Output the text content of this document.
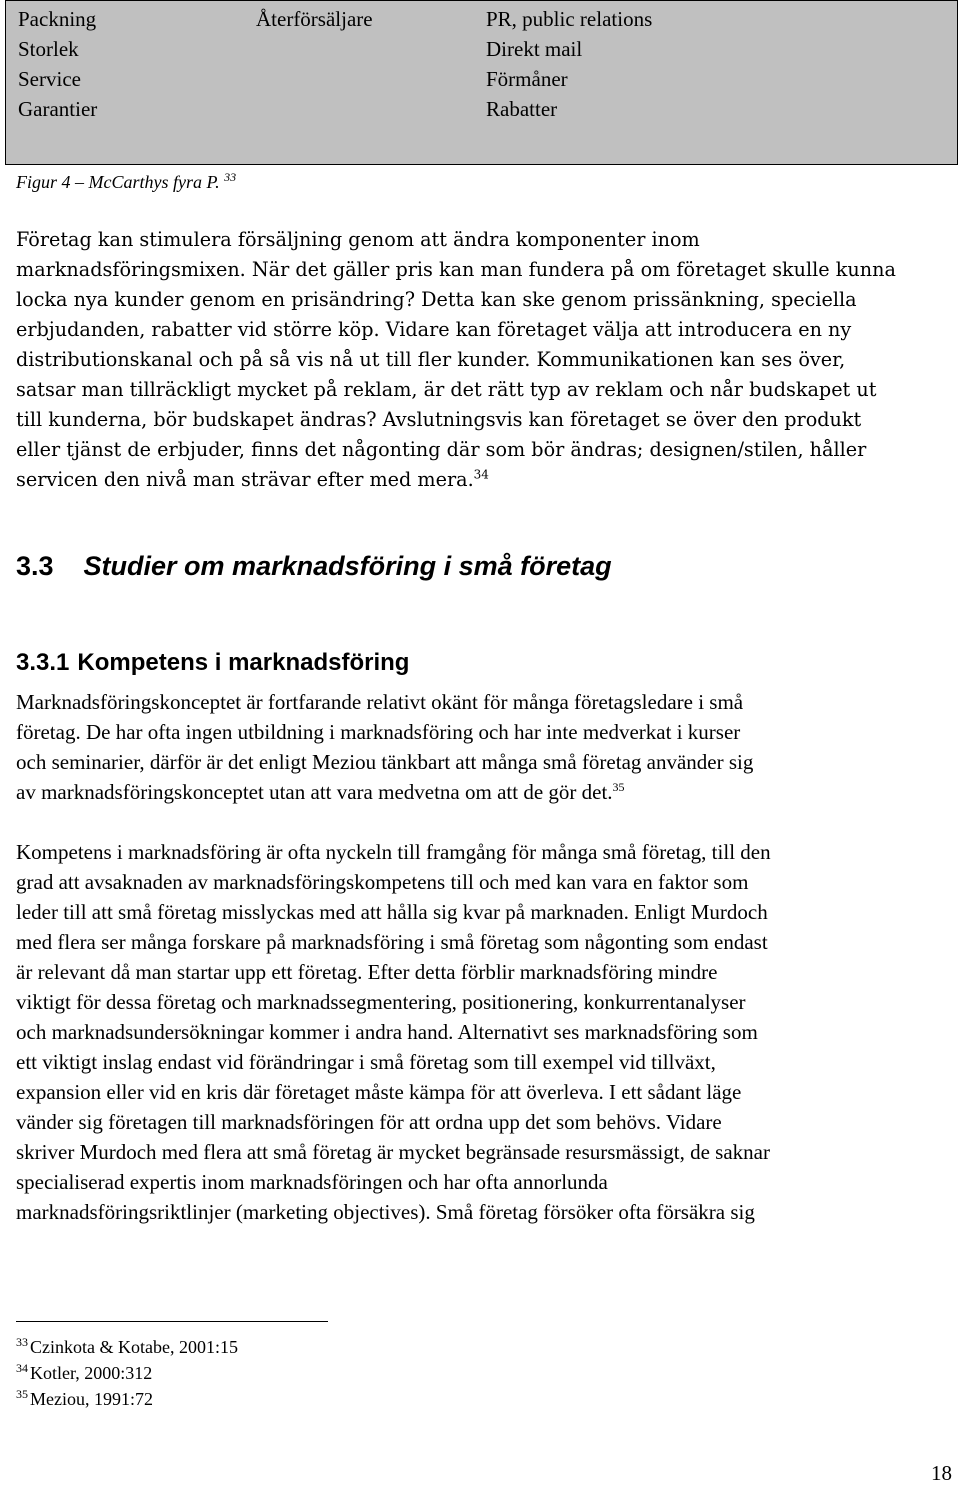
Packning
Storlek
Service
Garantier
Återförsäljare	PR, public relations
Direkt mail
Förmåner
Rabatter
Figur 4 – McCarthys fyra P. $^{33}$

Företag kan stimulera försäljning genom att ändra komponenter inom
marknadsföringsmixen. När det gäller pris kan man fundera på om företaget skulle kunna
locka nya kunder genom en prisändring? Detta kan ske genom prissänkning, speciella
erbjudanden, rabatter vid större köp. Vidare kan företaget välja att introducera en ny
distributionskanal och på så vis nå ut till fler kunder. Kommunikationen kan ses över,
satsar man tillräckligt mycket på reklam, är det rätt typ av reklam och når budskapet ut
till kunderna, bör budskapet ändras? Avslutningsvis kan företaget se över den produkt
eller tjänst de erbjuder, finns det någonting där som bör ändras; designen/stilen, håller
servicen den nivå man strävar efter med mera.$^{34}$

3.3 Studier om marknadsföring i små företag
3.3.1 Kompetens i marknadsföring

Marknadsföringskonceptet är fortfarande relativt okänt för många företagsledare i små
företag. De har ofta ingen utbildning i marknadsföring och har inte medverkat i kurser
och seminarier, därför är det enligt Meziou tänkbart att många små företag använder sig
av marknadsföringskonceptet utan att vara medvetna om att de gör det.$^{35}$

Kompetens i marknadsföring är ofta nyckeln till framgång för många små företag, till den
grad att avsaknaden av marknadsföringskompetens till och med kan vara en faktor som
leder till att små företag misslyckas med att hålla sig kvar på marknaden. Enligt Murdoch
med flera ser många forskare på marknadsföring i små företag som någonting som endast
är relevant då man startar upp ett företag. Efter detta förblir marknadsföring mindre
viktigt för dessa företag och marknadssegmentering, positionering, konkurrentanalyser
och marknadsundersökningar kommer i andra hand. Alternativt ses marknadsföring som
ett viktigt inslag endast vid förändringar i små företag som till exempel vid tillväxt,
expansion eller vid en kris där företaget måste kämpa för att överleva. I ett sådant läge
vänder sig företagen till marknadsföringen för att ordna upp det som behövs. Vidare
skriver Murdoch med flera att små företag är mycket begränsade resursmässigt, de saknar
specialiserad expertis inom marknadsföringen och har ofta annorlunda
marknadsföringsriktlinjer (marketing objectives). Små företag försöker ofta försäkra sig

$^{33}$ Czinkota & Kotabe, 2001:15
$^{34}$ Kotler, 2000:312
$^{35}$ Meziou, 1991:72
18
